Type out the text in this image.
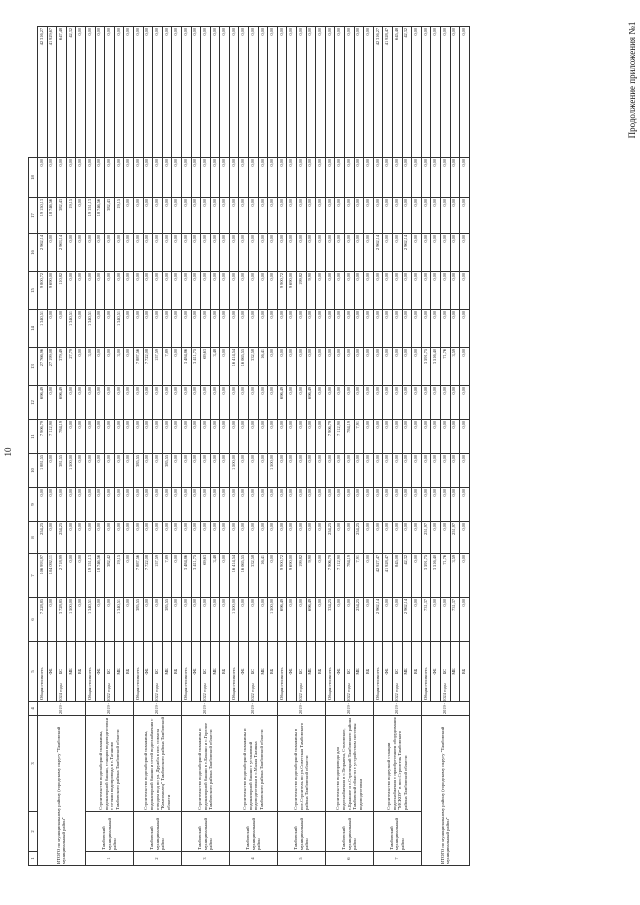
10
Продолжение приложения №1
1	2	3	4	5	6	7	8	9	10	11	12	13	14	15	16	17	18	
ИТОГО по муниципальному району (городскому округу "Тамбовский муниципальный район"			2019 - 2024 годы	Общая стоимость	7 228,85	106 993,97	254,25	0,00	1 881,55	7 906,79	696,49	27 766,96	1 340,51	9 800,72	2 962,14	19 150,13	0,00	42 316,27
				ФБ	0,00	104 092,11	0,00	0,00	0,00	7 112,90	0,00	27 199,08	0,00	9 690,00	0,00	18 746,56	0,00	41 929,67
				БС	3 728,85	2 718,99	254,25	0,00	381,55	784,19	696,49	379,49	0,00	110,82	2 963,14	382,43	0,00	647,48
				МБ	1 500,00	0,00	0,00	0,00	1 500,00	0,00	0,00	27,79	1 340,51	0,00	0,00	19,15	0,00	42,32
				ВБ	0,00	0,00	0,00	0,00	0,00	0,00	0,00	0,00	0,00	0,00	0,00	0,00	0,00	0,00
1	Тамбовский муниципальный район	Строительство водозаборной скважины, водонапорной башни, станции водоподготовки с сетями водопровода в с.Татаново Тамбовского района Тамбовской области	2019 - 2022 годы	Общая стоимость	1 340,51	19 151,13	0,00	0,00	0,00	0,00	0,00	3,00	1 340,51	0,00	0,00	19 151,13	0,00	0,00
				ФБ	0,00	18 746,56	0,00	0,00	0,00	0,00	0,00	0,00	0,00	0,00	0,00	18 746,56	0,00	0,00
				БС	0,00	382,42	0,00	0,00	0,00	0,00	0,00	0,00	0,00	0,00	0,00	382,43	0,00	0,00
				МБ	1 340,51	19,15	0,00	0,00	0,00	0,00	0,00	3,00	1 340,51	0,00	0,00	19,15	0,00	0,00
				ВБ	0,00	0,00	0,00	0,00	0,00	0,00	0,00	0,00	0,00	0,00	0,00	0,00	0,00	0,00
2	Тамбовский муниципальный район	Строительство водозаборной скважины, водонапорной башни и сетей водоснабжения с отводом вод по ул. Дружба в пос. совхоза "Комсомолец" Тамбовского района Тамбовской области	2019 - 2022 годы	Общая стоимость	385,55	7 887,56	0,00	0,00	385,55	0,00	0,00	7 887,56	0,00	0,00	0,00	0,00	0,00	0,00
				ФБ	0,00	7 722,08	0,00	0,00	0,00	0,00	0,00	7 722,08	0,00	0,00	0,00	0,00	0,00	0,00
				БС	0,00	157,59	0,00	0,00	0,00	0,00	0,00	157,59	0,00	0,00	0,00	0,00	0,00	0,00
				МБ	385,55	7,89	0,00	0,00	385,55	0,00	0,00	7,89	0,00	0,00	0,00	0,00	0,00	0,00
				ВБ	0,00	0,00	0,00	0,00	0,00	0,00	0,00	0,00	0,00	0,00	0,00	0,00	0,00	0,00
3	Тамбовский муниципальный район	Строительство водозаборной скважины и водонапорной башни в с.Бокино и с.Горелое Тамбовского района Тамбовской области	2019 - 2022 годы	Общая стоимость	0,00	3 484,86	0,00	0,00	0,00	0,00	0,00	3 484,86	0,00	0,00	0,00	0,00	0,00	0,00
				ФБ	0,00	3 411,75	0,00	0,00	0,00	0,00	0,00	3 411,75	0,00	0,00	0,00	0,00	0,00	0,00
				БС	0,00	69,63	0,00	0,00	0,00	0,00	0,00	69,63	0,00	0,00	0,00	0,00	0,00	0,00
				МБ	0,00	3,48	0,00	0,00	0,00	0,00	0,00	3,48	0,00	0,00	0,00	0,00	0,00	0,00
				ВБ	0,00	0,00	0,00	0,00	0,00	0,00	0,00	0,00	0,00	0,00	0,00	0,00	0,00	0,00
4	Тамбовский муниципальный район	Строительство водозаборной скважины и водонапорной башни с установкой водоподготовки в с.Малая Талинка Тамбовского района Тамбовской области	2019 - 2022 годы	Общая стоимость	1 500,00	16 414,54	0,00	0,00	1 500,00	0,00	0,00	16 414,54	0,00	0,00	0,00	0,00	0,00	0,00
				ФБ	0,00	16 065,55	0,00	0,00	0,00	0,00	0,00	16 065,55	0,00	0,00	0,00	0,00	0,00	0,00
				БС	0,00	332,58	0,00	0,00	0,00	0,00	0,00	332,58	0,00	0,00	0,00	0,00	0,00	0,00
				МБ	0,00	16,41	0,00	0,00	0,00	0,00	0,00	16,41	0,00	0,00	0,00	0,00	0,00	0,00
				ВБ	1 500,00	0,00	0,00	0,00	1 500,00	0,00	0,00	0,00	0,00	0,00	0,00	0,00	0,00	0,00
5	Тамбовский муниципальный район	Строительство водозаборной скважины в пос.Строитель по ул.Советская Тамбовского района Тамбовской области	2019 - 2022 годы	Общая стоимость	696,49	9 900,72	0,00	0,00	0,00	0,00	696,49	0,00	0,00	9 900,72	0,00	0,00	0,00	0,00
				ФБ	0,00	9 690,00	0,00	0,00	0,00	0,00	0,00	0,00	0,00	9 690,00	0,00	0,00	0,00	0,00
				БС	0,00	199,82	0,00	0,00	0,00	0,00	0,00	0,00	0,00	199,82	0,00	0,00	0,00	0,00
				МБ	696,49	9,90	0,00	0,00	0,00	0,00	696,49	0,00	0,00	9,90	0,00	0,00	0,00	0,00
				ВБ	0,00	0,00	0,00	0,00	0,00	0,00	0,00	0,00	0,00	0,00	0,00	0,00	0,00	0,00
6	Тамбовский муниципальный район	Строительство водопровода для водоснабжения в с.Тюрьвеш, Столовское, с.Бражное и с.Стрелецкий Тамбовского района Тамбовской области с устройством системы водоподготовки	2019 - 2022 годы	Общая стоимость	334,25	7 906,79	254,25	0,00	0,00	7 906,79	0,00	0,00	0,00	0,00	0,00	0,00	0,00	0,00
				ФБ	0,00	7 112,90	0,00	0,00	0,00	7 112,90	0,00	0,00	0,00	0,00	0,00	0,00	0,00	0,00
				БС	0,00	784,19	0,00	0,00	0,00	784,19	0,00	0,00	0,00	0,00	0,00	0,00	0,00	0,00
				МБ	254,25	7,91	254,25	0,00	0,00	7,91	0,00	0,00	0,00	0,00	0,00	0,00	0,00	0,00
				ВБ	0,00	0,00	0,00	0,00	0,00	0,00	0,00	0,00	0,00	0,00	0,00	0,00	0,00	0,00
7	Тамбовский муниципальный район	Строительство водоузной станции водоснабжения с приобретением оборудования "МСКОУ" в пос.Строитель Тамбовского района Тамбовской области	2019 - 2022 годы	Общая стоимость	2 962,14	42 927,47	0,00	0,00	0,00	0,00	0,00	0,00	0,00	0,00	2 962,14	0,00	0,00	42 316,27
				ФБ	0,00	41 928,47	0,00	0,00	0,00	0,00	0,00	0,00	0,00	0,00	0,00	0,00	0,00	41 928,47
				БС	0,00	845,08	0,00	0,00	0,00	0,00	0,00	0,00	0,00	0,00	0,00	0,00	0,00	645,48
				МБ	2 962,14	42,32	0,00	0,00	0,00	0,00	0,00	0,00	0,00	0,00	2 962,14	0,00	0,00	42,32
				ВБ	0,00	0,00	0,00	0,00	0,00	0,00	0,00	0,00	0,00	0,00	0,00	0,00	0,00	0,00
ИТОГО по муниципальному району (городскому округу "Тамбовский муниципальный район"			2019 - 2024 годы	Общая стоимость	731,37	3 591,75	251,97	0,00	0,00	0,00	0,00	3 591,75	0,00	0,00	0,00	0,00	0,00	0,00
				ФБ	0,00	3 516,40	0,00	0,00	0,00	0,00	0,00	3 516,40	0,00	0,00	0,00	0,00	0,00	0,00
				БС	0,00	71,76	0,00	0,00	0,00	0,00	0,00	71,76	0,00	0,00	0,00	0,00	0,00	0,00
				МБ	731,37	3,59	251,97	0,00	0,00	0,00	0,00	3,59	0,00	0,00	0,00	0,00	0,00	0,00
				ВБ	0,00	0,00	0,00	0,00	0,00	0,00	0,00	0,00	0,00	0,00	0,00	0,00	0,00	0,00
